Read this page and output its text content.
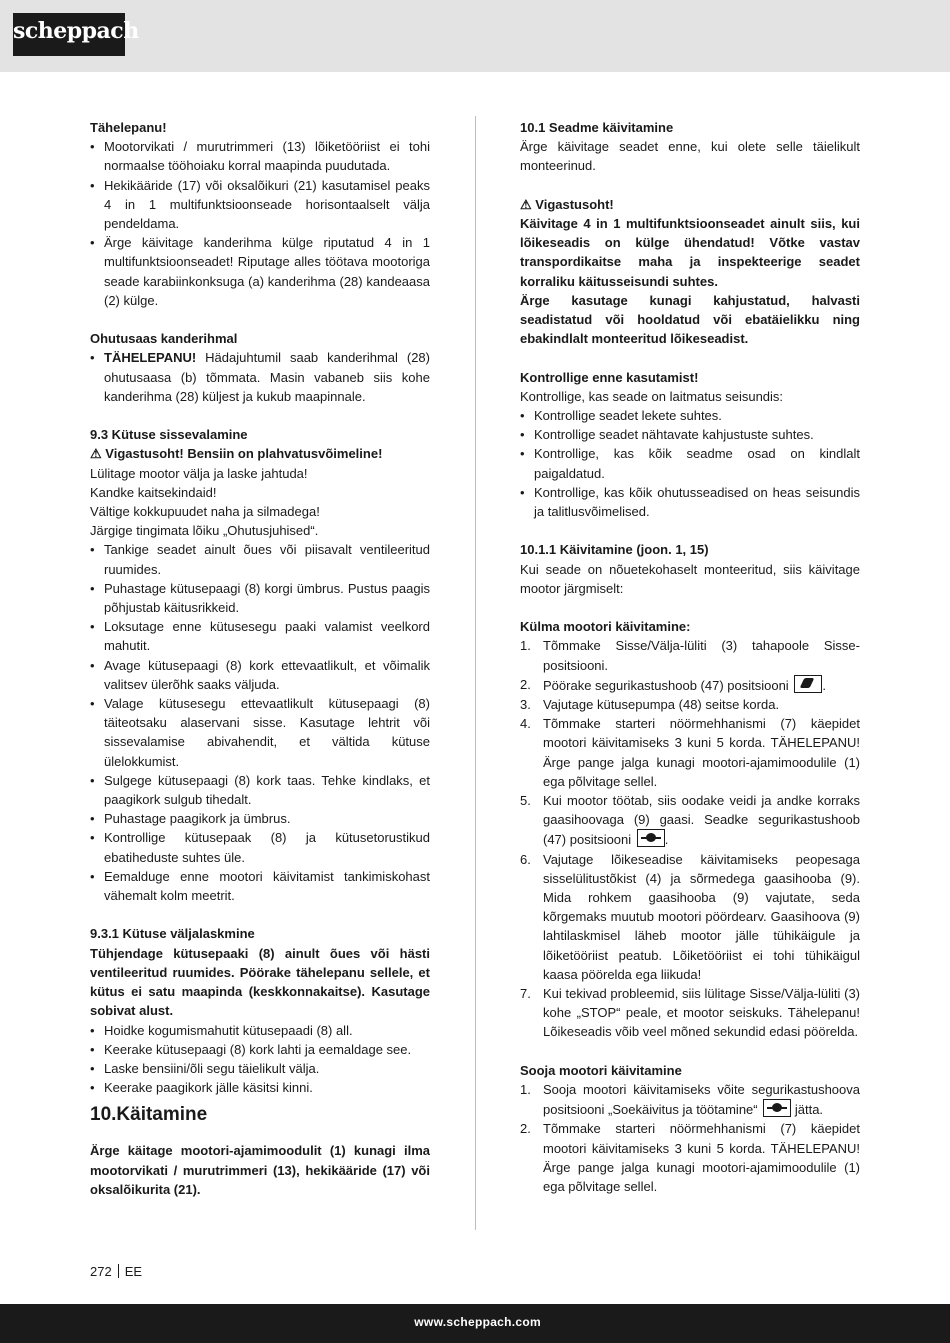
scheppach

Tähelepanu!

• Mootorvikati / murutrimmeri (13) lõiketööriist ei tohi normaalse tööhoiaku korral maapinda puudutada.
• Hekikääride (17) või oksalõikuri (21) kasutamisel peaks 4 in 1 multifunktsioonseade horisontaalselt välja pendeldama.
• Ärge käivitage kanderihma külge riputatud 4 in 1 multifunktsioonseadet! Riputage alles töötava mootoriga seade karabiinkonksuga (a) kanderihma (28) kandeaasa (2) külge.

Ohutusaas kanderihmal

• TÄHELEPANU! Hädajuhtumil saab kanderihmal (28) ohutusaasa (b) tõmmata. Masin vabaneb siis kohe kanderihma (28) küljest ja kukub maapinnale.

9.3 Kütuse sissevalamine

⚠ Vigastusoht! Bensiin on plahvatusvõimeline!

Lülitage mootor välja ja laske jahtuda!

Kandke kaitsekindaid!

Vältige kokkupuudet naha ja silmadega!

Järgige tingimata lõiku „Ohutusjuhised“.

• Tankige seadet ainult õues või piisavalt ventileeritud ruumides.
• Puhastage kütusepaagi (8) korgi ümbrus. Pustus paagis põhjustab käitusrikkeid.
• Loksutage enne kütusesegu paaki valamist veelkord mahutit.
• Avage kütusepaagi (8) kork ettevaatlikult, et võimalik valitsev ülerõhk saaks väljuda.
• Valage kütusesegu ettevaatlikult kütusepaagi (8) täiteotsaku alaservani sisse. Kasutage lehtrit või sissevalamise abivahendit, et vältida kütuse ülelokkumist.
• Sulgege kütusepaagi (8) kork taas. Tehke kindlaks, et paagikork sulgub tihedalt.
• Puhastage paagikork ja ümbrus.
• Kontrollige kütusepaak (8) ja kütusetorustikud ebatiheduste suhtes üle.
• Eemalduge enne mootori käivitamist tankimiskohast vähemalt kolm meetrit.

9.3.1 Kütuse väljalaskmine

Tühjendage kütusepaaki (8) ainult õues või hästi ventileeritud ruumides. Pöörake tähelepanu sellele, et kütus ei satu maapinda (keskkonnakaitse). Kasutage sobivat alust.

• Hoidke kogumismahutit kütusepaadi (8) all.
• Keerake kütusepaagi (8) kork lahti ja eemaldage see.
• Laske bensiini/õli segu täielikult välja.
• Keerake paagikork jälle käsitsi kinni.

10.Käitamine

Ärge käitage mootori-ajamimoodulit (1) kunagi ilma mootorvikati / murutrimmeri (13), hekikääride (17) või oksalõikurita (21).

10.1 Seadme käivitamine

Ärge käivitage seadet enne, kui olete selle täielikult monteerinud.

⚠ Vigastusoht!

Käivitage 4 in 1 multifunktsioonseadet ainult siis, kui lõikeseadis on külge ühendatud! Võtke vastav transpordikaitse maha ja inspekteerige seadet korraliku käitusseisundi suhtes.

Ärge kasutage kunagi kahjustatud, halvasti seadistatud või hooldatud või ebatäielikku ning ebakindlalt monteeritud lõikeseadist.

Kontrollige enne kasutamist!

Kontrollige, kas seade on laitmatus seisundis:

• Kontrollige seadet lekete suhtes.
• Kontrollige seadet nähtavate kahjustuste suhtes.
• Kontrollige, kas kõik seadme osad on kindlalt paigaldatud.
• Kontrollige, kas kõik ohutusseadised on heas seisundis ja talitlusvõimelised.

10.1.1 Käivitamine (joon. 1, 15)

Kui seade on nõuetekohaselt monteeritud, siis käivitage mootor järgmiselt:

Külma mootori käivitamine:

1. Tõmmake Sisse/Välja-lüliti (3) tahapoole Sisse-positsiooni.
2. Pöörake segurikastushoob (47) positsiooni	.
3. Vajutage kütusepumpa (48) seitse korda.
4. Tõmmake starteri nöörmehhanismi (7) käepidet mootori käivitamiseks 3 kuni 5 korda. TÄHELEPANU! Ärge pange jalga kunagi mootori-ajamimoodulile (1) ega põlvitage sellel.
5. Kui mootor töötab, siis oodake veidi ja andke korraks gaasihoovaga (9) gaasi. Seadke segurikastushoob (47) positsiooni	.
6. Vajutage lõikeseadise käivitamiseks peopesaga sisselülitustõkist (4) ja sõrmedega gaasihooba (9). Mida rohkem gaasihooba (9) vajutate, seda kõrgemaks muutub mootori pöördearv. Gaasihoova (9) lahtilaskmisel läheb mootor jälle tühikäigule ja lõiketööriist peatub. Lõiketööriist ei tohi tühikäigul kaasa pöörelda ega liikuda!
7. Kui tekivad probleemid, siis lülitage Sisse/Välja-lüliti (3) kohe „STOP“ peale, et mootor seiskuks. Tähelepanu! Lõikeseadis võib veel mõned sekundid edasi pöörelda.

Sooja mootori käivitamine

1. Sooja mootori käivitamiseks võite segurikastushoova positsiooni „Soekäivitus ja töötamine“	jätta.
2. Tõmmake starteri nöörmehhanismi (7) käepidet mootori käivitamiseks 3 kuni 5 korda. TÄHELEPANU! Ärge pange jalga kunagi mootori-ajamimoodulile (1) ega põlvitage sellel.
272 EE
www.scheppach.com
